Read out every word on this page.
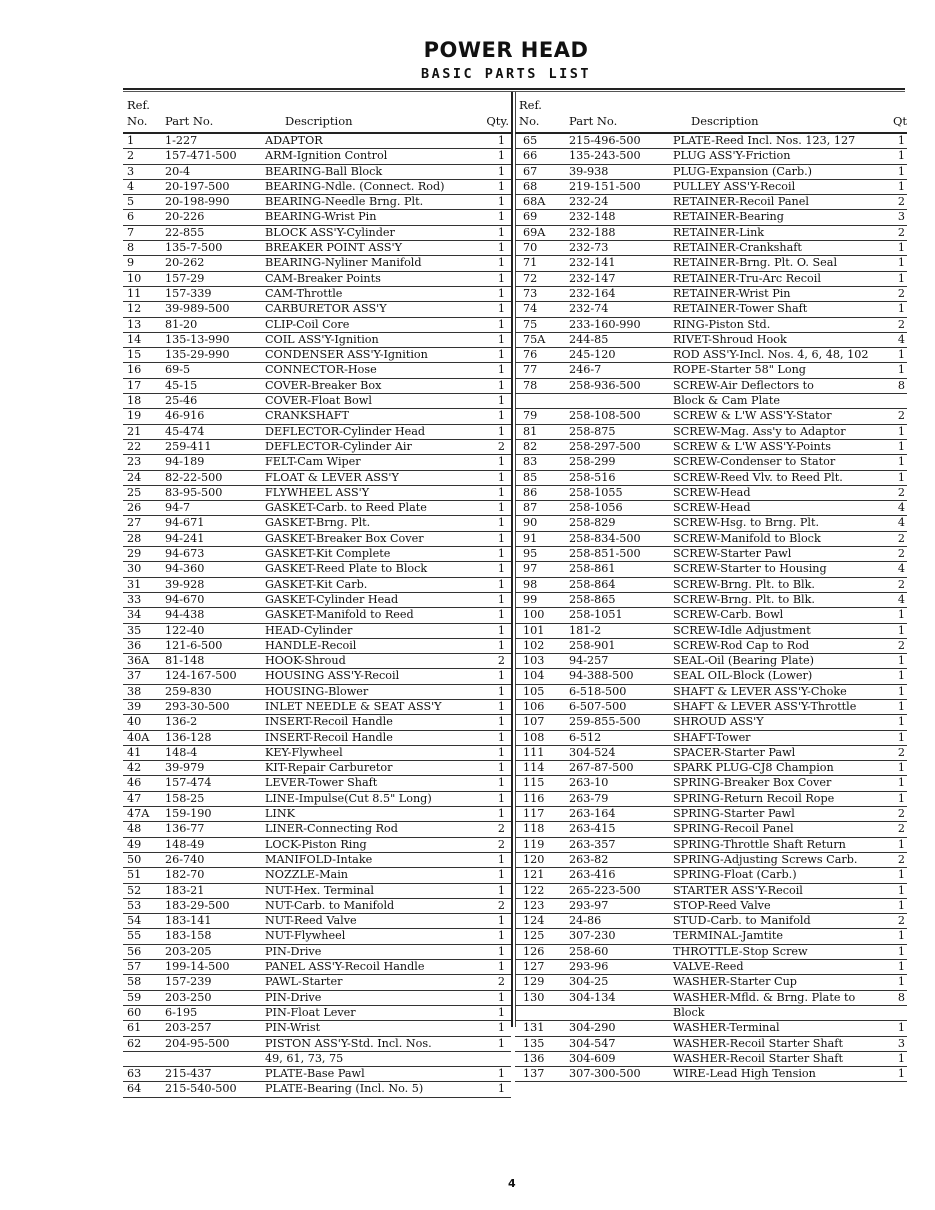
POWER HEAD
BASIC PARTS LIST
Ref.
No. Part No.	Description	Qty.
1	1-227	ADAPTOR	1
2	157-471-500	ARM-Ignition Control	1
3	20-4	BEARING-Ball Block	1
4	20-197-500	BEARING-Ndle. (Connect. Rod)	1
5	20-198-990	BEARING-Needle Brng. Plt.	1
6	20-226	BEARING-Wrist Pin	1
7	22-855	BLOCK ASS'Y-Cylinder	1
8	135-7-500	BREAKER POINT ASS'Y	1
9	20-262	BEARING-Nyliner Manifold	1
10 157-29	CAM-Breaker Points	1
11 157-339	CAM-Throttle	1
12 39-989-500	CARBURETOR ASS'Y	1
13 81-20	CLIP-Coil Core	1
14 135-13-990	COIL ASS'Y-Ignition	1
15 135-29-990	CONDENSER ASS'Y-Ignition	1
16 69-5	CONNECTOR-Hose	1
17 45-15	COVER-Breaker Box	1
18 25-46	COVER-Float Bowl	1
19 46-916	CRANKSHAFT	1
21 45-474	DEFLECTOR-Cylinder Head	1
22 259-411	DEFLECTOR-Cylinder Air	2
23 94-189	FELT-Cam Wiper	1
24 82-22-500	FLOAT & LEVER ASS'Y	1
25 83-95-500	FLYWHEEL ASS'Y	1
26 94-7	GASKET-Carb. to Reed Plate	1
27 94-671	GASKET-Brng. Plt.	1
28 94-241	GASKET-Breaker Box Cover	1
29 94-673	GASKET-Kit Complete	1
30 94-360	GASKET-Reed Plate to Block	1
31 39-928	GASKET-Kit Carb.	1
33 94-670	GASKET-Cylinder Head	1
34 94-438	GASKET-Manifold to Reed	1
35 122-40	HEAD-Cylinder	1
36 121-6-500	HANDLE-Recoil	1
36A 81-148	HOOK-Shroud	2
37 124-167-500	HOUSING ASS'Y-Recoil	1
38 259-830	HOUSING-Blower	1
39 293-30-500	INLET NEEDLE & SEAT ASS'Y	1
40 136-2	INSERT-Recoil Handle	1
40A 136-128	INSERT-Recoil Handle	1
41 148-4	KEY-Flywheel	1
42 39-979	KIT-Repair Carburetor	1
46 157-474	LEVER-Tower Shaft	1
47 158-25	LINE-Impulse(Cut 8.5" Long)	1
47A 159-190	LINK	1
48 136-77	LINER-Connecting Rod	2
49 148-49	LOCK-Piston Ring	2
50 26-740	MANIFOLD-Intake	1
51 182-70	NOZZLE-Main	1
52 183-21	NUT-Hex. Terminal	1
53 183-29-500	NUT-Carb. to Manifold	2
54 183-141	NUT-Reed Valve	1
55 183-158	NUT-Flywheel	1
56 203-205	PIN-Drive	1
57 199-14-500	PANEL ASS'Y-Recoil Handle	1
58 157-239	PAWL-Starter	2
59 203-250	PIN-Drive	1
60 6-195	PIN-Float Lever	1
61 203-257	PIN-Wrist	1
62 204-95-500	PISTON ASS'Y-Std. Incl. Nos.	1
49, 61, 73, 75
63 215-437	PLATE-Base Pawl	1
64 215-540-500	PLATE-Bearing (Incl. No. 5)	1
Ref.
No.	Part No.	Description	Qt
65	215-496-500	PLATE-Reed Incl. Nos. 123, 127	1
66	135-243-500	PLUG ASS'Y-Friction	1
67	39-938	PLUG-Expansion (Carb.)	1
68	219-151-500	PULLEY ASS'Y-Recoil	1
68A 232-24	RETAINER-Recoil Panel	2
69	232-148	RETAINER-Bearing	3
69A 232-188	RETAINER-Link	2
70	232-73	RETAINER-Crankshaft	1
71	232-141	RETAINER-Brng. Plt. O. Seal	1
72	232-147	RETAINER-Tru-Arc Recoil	1
73	232-164	RETAINER-Wrist Pin	2
74	232-74	RETAINER-Tower Shaft	1
75	233-160-990	RING-Piston Std.	2
75A 244-85	RIVET-Shroud Hook	4
76	245-120	ROD ASS'Y-Incl. Nos. 4, 6, 48, 102	1
77	246-7	ROPE-Starter 58" Long	1
78	258-936-500	SCREW-Air Deflectors to	8
Block & Cam Plate
79	258-108-500	SCREW & L'W ASS'Y-Stator	2
81	258-875	SCREW-Mag. Ass'y to Adaptor	1
82	258-297-500	SCREW & L'W ASS'Y-Points	1
83	258-299	SCREW-Condenser to Stator	1
85	258-516	SCREW-Reed Vlv. to Reed Plt.	1
86	258-1055	SCREW-Head	2
87	258-1056	SCREW-Head	4
90	258-829	SCREW-Hsg. to Brng. Plt.	4
91	258-834-500	SCREW-Manifold to Block	2
95	258-851-500	SCREW-Starter Pawl	2
97	258-861	SCREW-Starter to Housing	4
98	258-864	SCREW-Brng. Plt. to Blk.	2
99	258-865	SCREW-Brng. Plt. to Blk.	4
100 258-1051	SCREW-Carb. Bowl	1
101 181-2	SCREW-Idle Adjustment	1
102 258-901	SCREW-Rod Cap to Rod	2
103 94-257	SEAL-Oil (Bearing Plate)	1
104 94-388-500	SEAL OIL-Block (Lower)	1
105 6-518-500	SHAFT & LEVER ASS'Y-Choke	1
106 6-507-500	SHAFT & LEVER ASS'Y-Throttle	1
107 259-855-500	SHROUD ASS'Y	1
108 6-512	SHAFT-Tower	1
111 304-524	SPACER-Starter Pawl	2
114 267-87-500	SPARK PLUG-CJ8 Champion	1
115 263-10	SPRING-Breaker Box Cover	1
116 263-79	SPRING-Return Recoil Rope	1
117 263-164	SPRING-Starter Pawl	2
118 263-415	SPRING-Recoil Panel	2
119 263-357	SPRING-Throttle Shaft Return	1
120 263-82	SPRING-Adjusting Screws Carb.	2
121 263-416	SPRING-Float (Carb.)	1
122 265-223-500	STARTER ASS'Y-Recoil	1
123 293-97	STOP-Reed Valve	1
124 24-86	STUD-Carb. to Manifold	2
125 307-230	TERMINAL-Jamtite	1
126 258-60	THROTTLE-Stop Screw	1
127 293-96	VALVE-Reed	1
129 304-25	WASHER-Starter Cup	1
130 304-134	WASHER-Mfld. & Brng. Plate to	8
Block
131 304-290	WASHER-Terminal	1
135 304-547	WASHER-Recoil Starter Shaft	3
136 304-609	WASHER-Recoil Starter Shaft	1
137 307-300-500	WIRE-Lead High Tension	1
4
